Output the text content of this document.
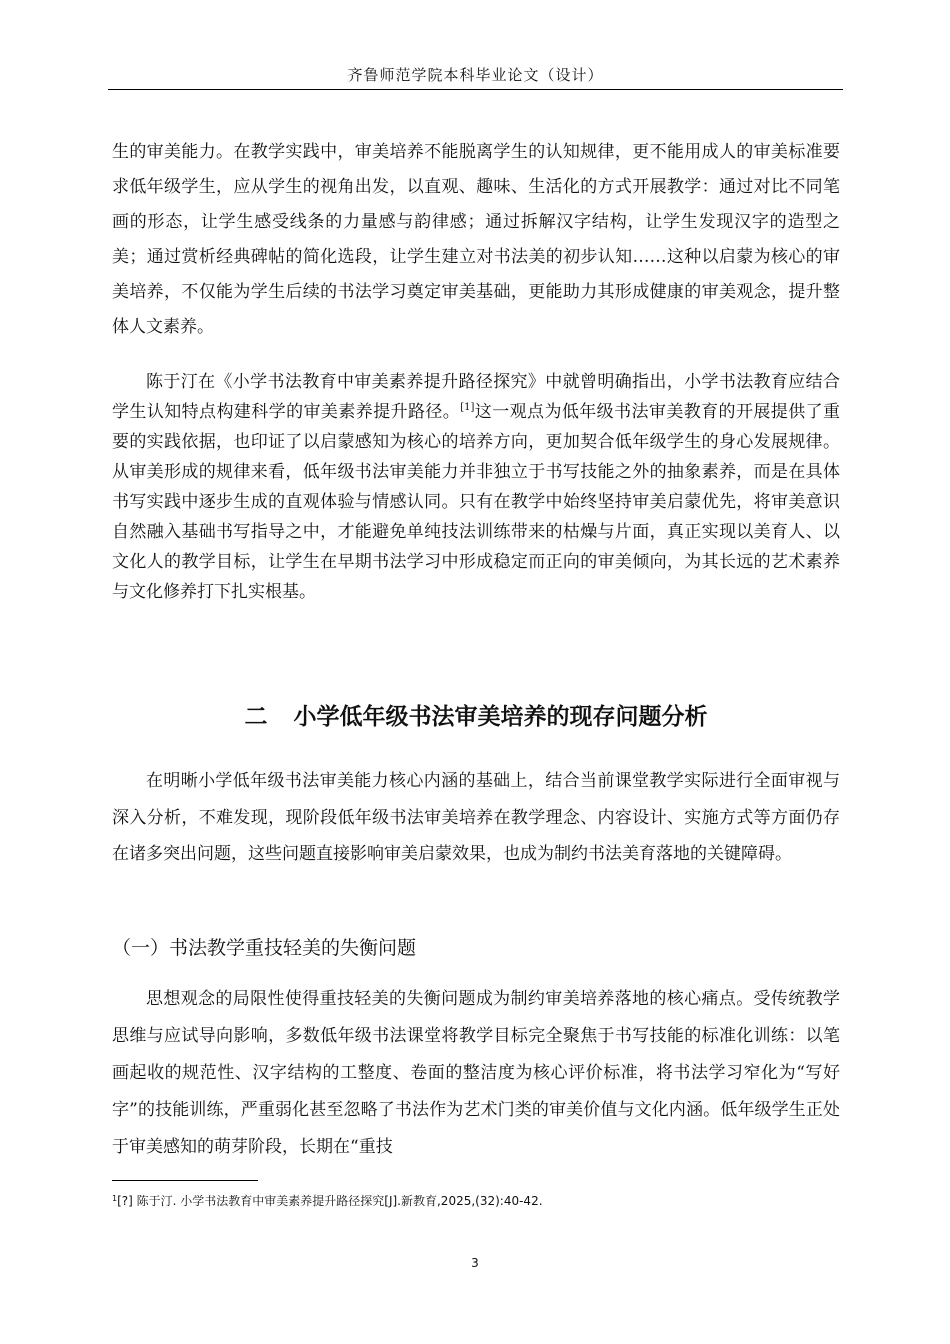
齐鲁师范学院本科毕业论文（设计）

生的审美能力。在教学实践中，审美培养不能脱离学生的认知规律，更不能用成人的审美标准要求低年级学生，应从学生的视角出发，以直观、趣味、生活化的方式开展教学：通过对比不同笔画的形态，让学生感受线条的力量感与韵律感；通过拆解汉字结构，让学生发现汉字的造型之美；通过赏析经典碑帖的简化选段，让学生建立对书法美的初步认知……这种以启蒙为核心的审美培养，不仅能为学生后续的书法学习奠定审美基础，更能助力其形成健康的审美观念，提升整体人文素养。

陈于汀在《小学书法教育中审美素养提升路径探究》中就曾明确指出，小学书法教育应结合学生认知特点构建科学的审美素养提升路径。[1]这一观点为低年级书法审美教育的开展提供了重要的实践依据，也印证了以启蒙感知为核心的培养方向，更加契合低年级学生的身心发展规律。从审美形成的规律来看，低年级书法审美能力并非独立于书写技能之外的抽象素养，而是在具体书写实践中逐步生成的直观体验与情感认同。只有在教学中始终坚持审美启蒙优先，将审美意识自然融入基础书写指导之中，才能避免单纯技法训练带来的枯燥与片面，真正实现以美育人、以文化人的教学目标，让学生在早期书法学习中形成稳定而正向的审美倾向，为其长远的艺术素养与文化修养打下扎实根基。

二 小学低年级书法审美培养的现存问题分析

在明晰小学低年级书法审美能力核心内涵的基础上，结合当前课堂教学实际进行全面审视与深入分析，不难发现，现阶段低年级书法审美培养在教学理念、内容设计、实施方式等方面仍存在诸多突出问题，这些问题直接影响审美启蒙效果，也成为制约书法美育落地的关键障碍。

（一）书法教学重技轻美的失衡问题

思想观念的局限性使得重技轻美的失衡问题成为制约审美培养落地的核心痛点。受传统教学思维与应试导向影响，多数低年级书法课堂将教学目标完全聚焦于书写技能的标准化训练：以笔画起收的规范性、汉字结构的工整度、卷面的整洁度为核心评价标准，将书法学习窄化为“写好字”的技能训练，严重弱化甚至忽略了书法作为艺术门类的审美价值与文化内涵。低年级学生正处于审美感知的萌芽阶段，长期在“重技

$^1$[?] 陈于汀. 小学书法教育中审美素养提升路径探究[J].新教育,2025,(32):40-42.
3
